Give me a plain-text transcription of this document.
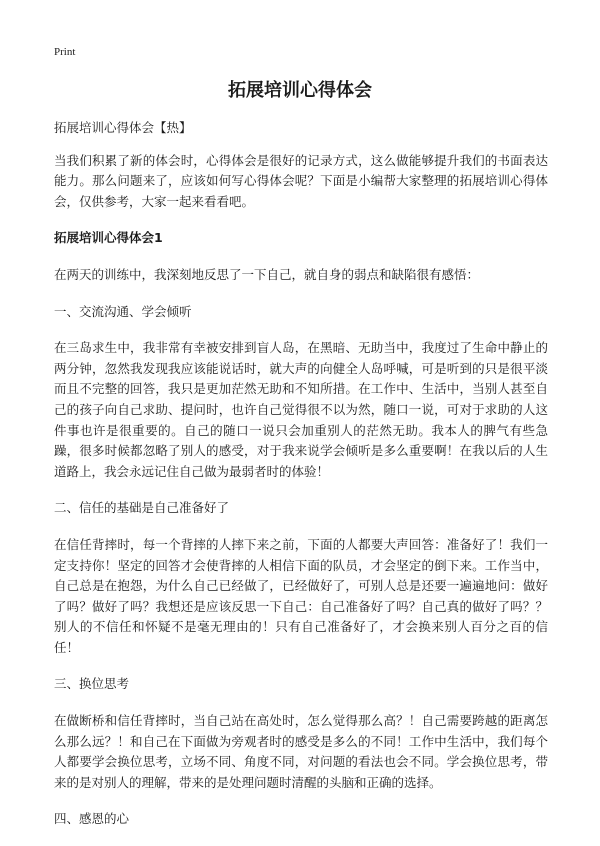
Print
拓展培训心得体会

拓展培训心得体会【热】

当我们积累了新的体会时，心得体会是很好的记录方式，这么做能够提升我们的书面表达能力。那么问题来了，应该如何写心得体会呢？下面是小编帮大家整理的拓展培训心得体会，仅供参考，大家一起来看看吧。

拓展培训心得体会1

在两天的训练中，我深刻地反思了一下自己，就自身的弱点和缺陷很有感悟：

一、交流沟通、学会倾听

在三岛求生中，我非常有幸被安排到盲人岛，在黑暗、无助当中，我度过了生命中静止的两分钟，忽然我发现我应该能说话时，就大声的向健全人岛呼喊，可是听到的只是很平淡而且不完整的回答，我只是更加茫然无助和不知所措。在工作中、生活中，当别人甚至自己的孩子向自己求助、提问时，也许自己觉得很不以为然，随口一说，可对于求助的人这件事也许是很重要的。自己的随口一说只会加重别人的茫然无助。我本人的脾气有些急躁，很多时候都忽略了别人的感受，对于我来说学会倾听是多么重要啊！在我以后的人生道路上，我会永远记住自己做为最弱者时的体验！

二、信任的基础是自己准备好了

在信任背摔时，每一个背摔的人摔下来之前，下面的人都要大声回答：准备好了！我们一定支持你！坚定的回答才会使背摔的人相信下面的队员，才会坚定的倒下来。工作当中，自己总是在抱怨，为什么自己已经做了，已经做好了，可别人总是还要一遍遍地问：做好了吗？做好了吗？我想还是应该反思一下自己：自己准备好了吗？自己真的做好了吗？？别人的不信任和怀疑不是毫无理由的！只有自己准备好了，才会换来别人百分之百的信任！

三、换位思考

在做断桥和信任背摔时，当自己站在高处时，怎么觉得那么高？！自己需要跨越的距离怎么那么远？！和自己在下面做为旁观者时的感受是多么的不同！工作中生活中，我们每个人都要学会换位思考，立场不同、角度不同，对问题的看法也会不同。学会换位思考，带来的是对别人的理解，带来的是处理问题时清醒的头脑和正确的选择。

四、感恩的心
